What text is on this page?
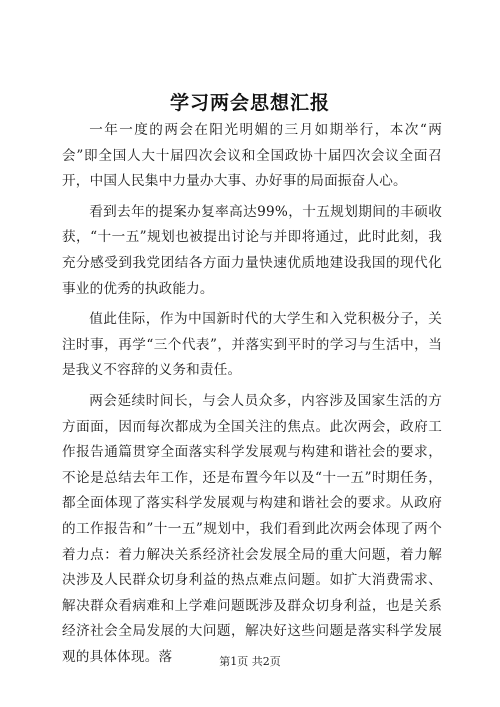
学习两会思想汇报

一年一度的两会在阳光明媚的三月如期举行，本次“两会”即全国人大十届四次会议和全国政协十届四次会议全面召开，中国人民集中力量办大事、办好事的局面振奋人心。

看到去年的提案办复率高达99%，十五规划期间的丰硕收获，“十一五”规划也被提出讨论与并即将通过，此时此刻，我充分感受到我党团结各方面力量快速优质地建设我国的现代化事业的优秀的执政能力。

值此佳际，作为中国新时代的大学生和入党积极分子，关注时事，再学“三个代表”，并落实到平时的学习与生活中，当是我义不容辞的义务和责任。

两会延续时间长，与会人员众多，内容涉及国家生活的方方面面，因而每次都成为全国关注的焦点。此次两会，政府工作报告通篇贯穿全面落实科学发展观与构建和谐社会的要求，不论是总结去年工作，还是布置今年以及“十一五”时期任务，都全面体现了落实科学发展观与构建和谐社会的要求。从政府的工作报告和”十一五”规划中，我们看到此次两会体现了两个着力点：着力解决关系经济社会发展全局的重大问题，着力解决涉及人民群众切身利益的热点难点问题。如扩大消费需求、解决群众看病难和上学难问题既涉及群众切身利益，也是关系经济社会全局发展的大问题，解决好这些问题是落实科学发展观的具体体现。落	第1页 共2页
